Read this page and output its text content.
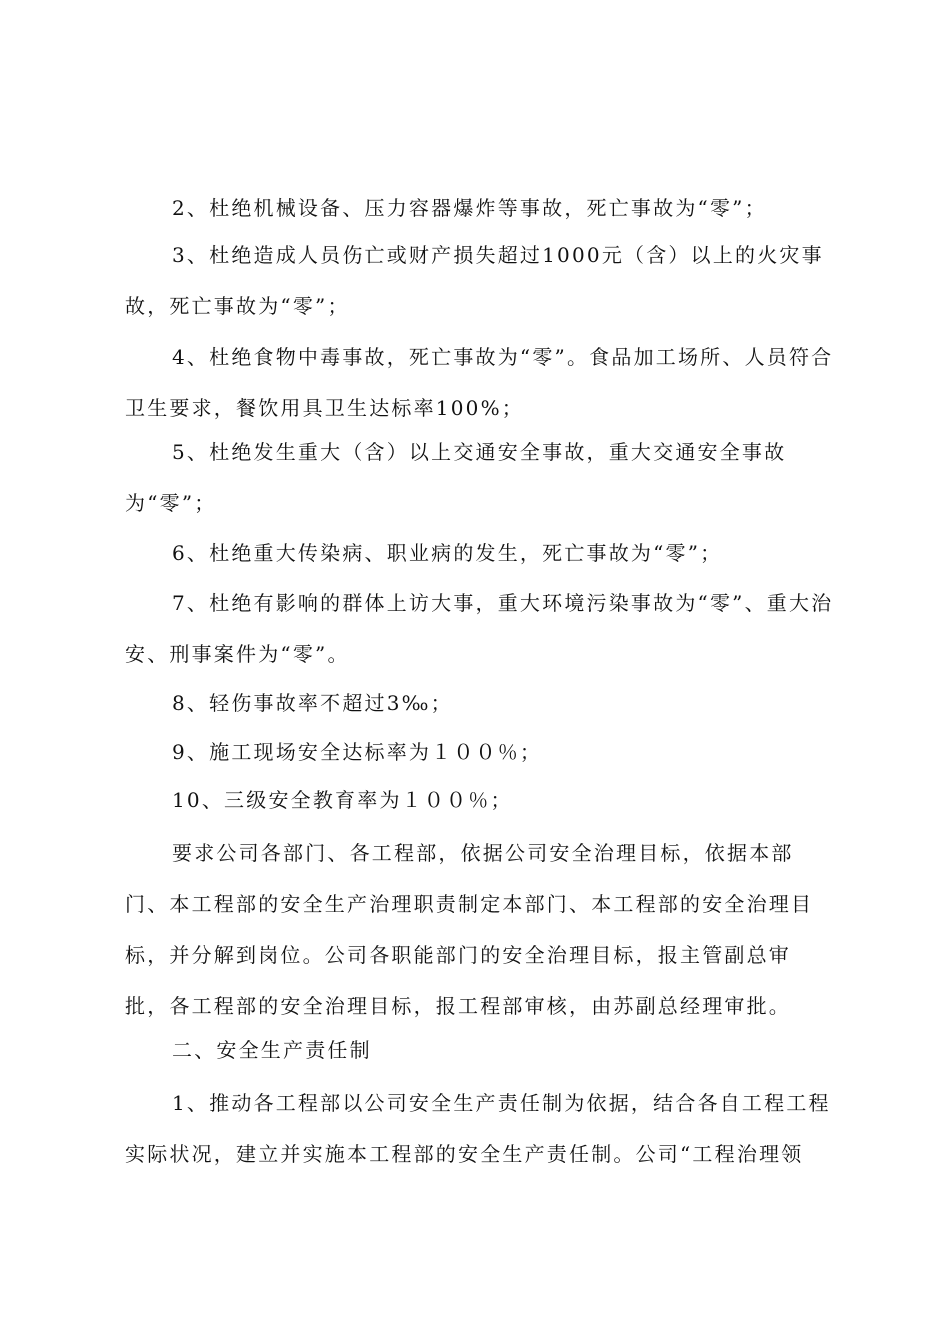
2、杜绝机械设备、压力容器爆炸等事故，死亡事故为“零”；

3、杜绝造成人员伤亡或财产损失超过1000元（含）以上的火灾事故，死亡事故为“零”；

4、杜绝食物中毒事故，死亡事故为“零”。食品加工场所、人员符合卫生要求，餐饮用具卫生达标率100%；

5、杜绝发生重大（含）以上交通安全事故，重大交通安全事故为“零”；

6、杜绝重大传染病、职业病的发生，死亡事故为“零”；

7、杜绝有影响的群体上访大事，重大环境污染事故为“零”、重大治安、刑事案件为“零”。

8、轻伤事故率不超过3‰；

9、施工现场安全达标率为１００％；

10、三级安全教育率为１００％；

要求公司各部门、各工程部，依据公司安全治理目标，依据本部门、本工程部的安全生产治理职责制定本部门、本工程部的安全治理目标，并分解到岗位。公司各职能部门的安全治理目标，报主管副总审批，各工程部的安全治理目标，报工程部审核，由苏副总经理审批。

二、安全生产责任制

1、推动各工程部以公司安全生产责任制为依据，结合各自工程工程实际状况，建立并实施本工程部的安全生产责任制。公司“工程治理领
